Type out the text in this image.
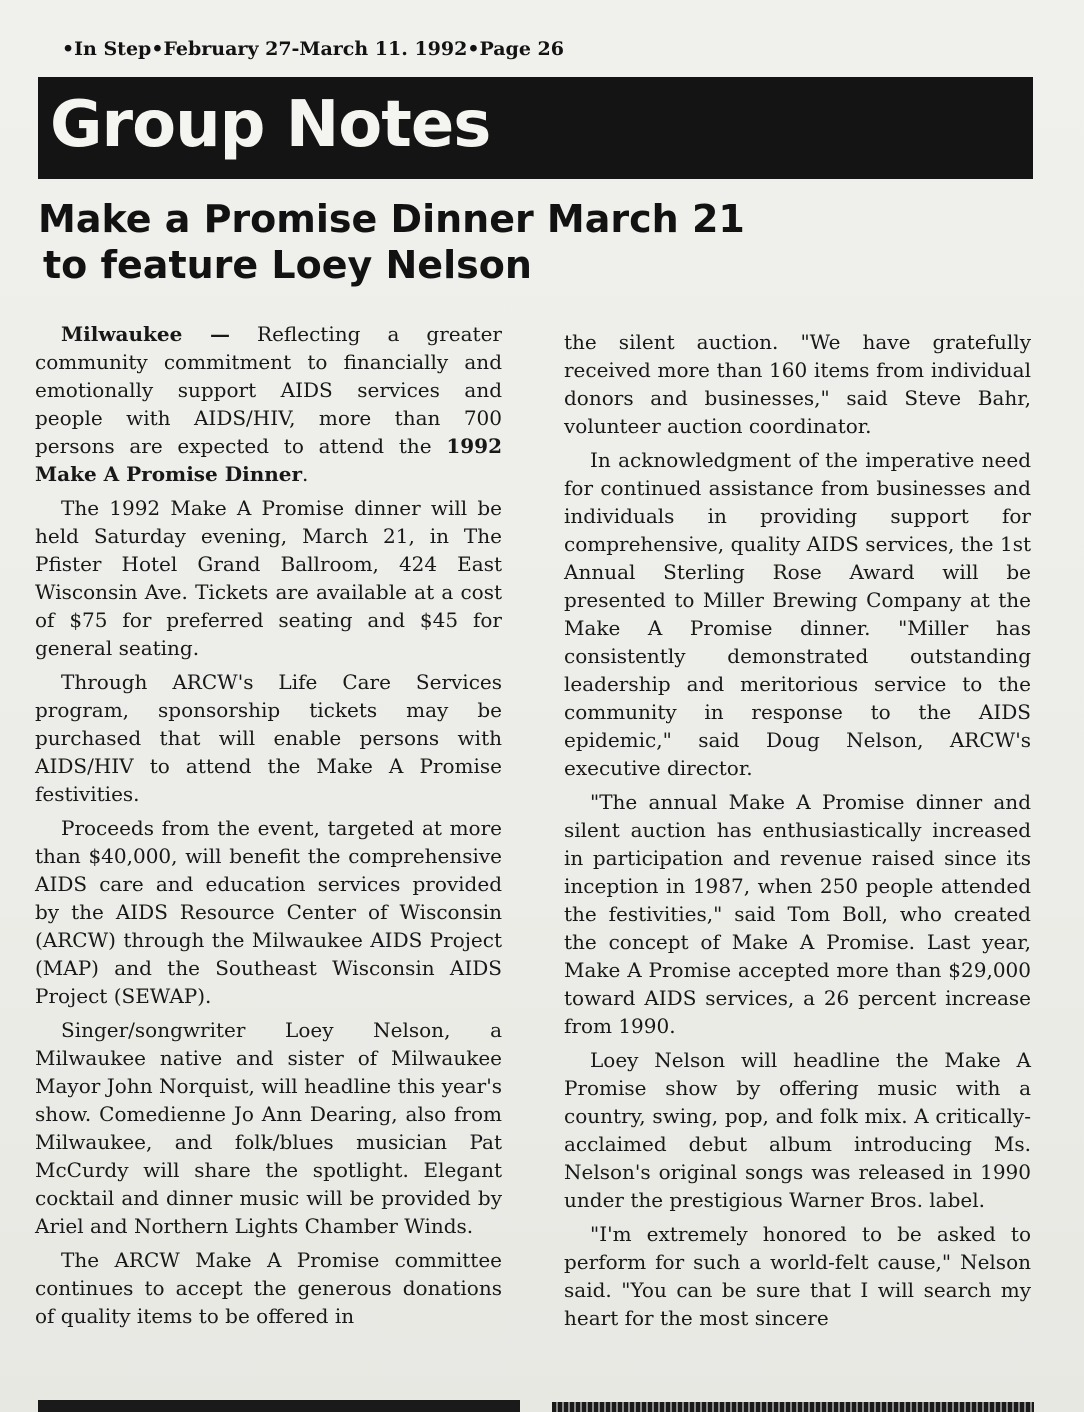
•In Step•February 27-March 11. 1992•Page 26
Group Notes
Make a Promise Dinner March 21
to feature Loey Nelson

Milwaukee — Reflecting a greater community commitment to financially and emotionally support AIDS services and people with AIDS/HIV, more than 700 persons are expected to attend the 1992 Make A Promise Dinner.

The 1992 Make A Promise dinner will be held Saturday evening, March 21, in The Pfister Hotel Grand Ballroom, 424 East Wisconsin Ave. Tickets are available at a cost of $75 for preferred seating and $45 for general seating.

Through ARCW's Life Care Services program, sponsorship tickets may be purchased that will enable persons with AIDS/HIV to attend the Make A Promise festivities.

Proceeds from the event, targeted at more than $40,000, will benefit the comprehensive AIDS care and education services provided by the AIDS Resource Center of Wisconsin (ARCW) through the Milwaukee AIDS Project (MAP) and the Southeast Wisconsin AIDS Project (SEWAP).

Singer/songwriter Loey Nelson, a Milwaukee native and sister of Milwaukee Mayor John Norquist, will headline this year's show. Comedienne Jo Ann Dearing, also from Milwaukee, and folk/blues musician Pat McCurdy will share the spotlight. Elegant cocktail and dinner music will be provided by Ariel and Northern Lights Chamber Winds.

The ARCW Make A Promise committee continues to accept the generous donations of quality items to be offered in

the silent auction. "We have gratefully received more than 160 items from individual donors and businesses," said Steve Bahr, volunteer auction coordinator.

In acknowledgment of the imperative need for continued assistance from businesses and individuals in providing support for comprehensive, quality AIDS services, the 1st Annual Sterling Rose Award will be presented to Miller Brewing Company at the Make A Promise dinner. "Miller has consistently demonstrated outstanding leadership and meritorious service to the community in response to the AIDS epidemic," said Doug Nelson, ARCW's executive director.

"The annual Make A Promise dinner and silent auction has enthusiastically increased in participation and revenue raised since its inception in 1987, when 250 people attended the festivities," said Tom Boll, who created the concept of Make A Promise. Last year, Make A Promise accepted more than $29,000 toward AIDS services, a 26 percent increase from 1990.

Loey Nelson will headline the Make A Promise show by offering music with a country, swing, pop, and folk mix. A critically- acclaimed debut album introducing Ms. Nelson's original songs was released in 1990 under the prestigious Warner Bros. label.

"I'm extremely honored to be asked to perform for such a world-felt cause," Nelson said. "You can be sure that I will search my heart for the most sincere
